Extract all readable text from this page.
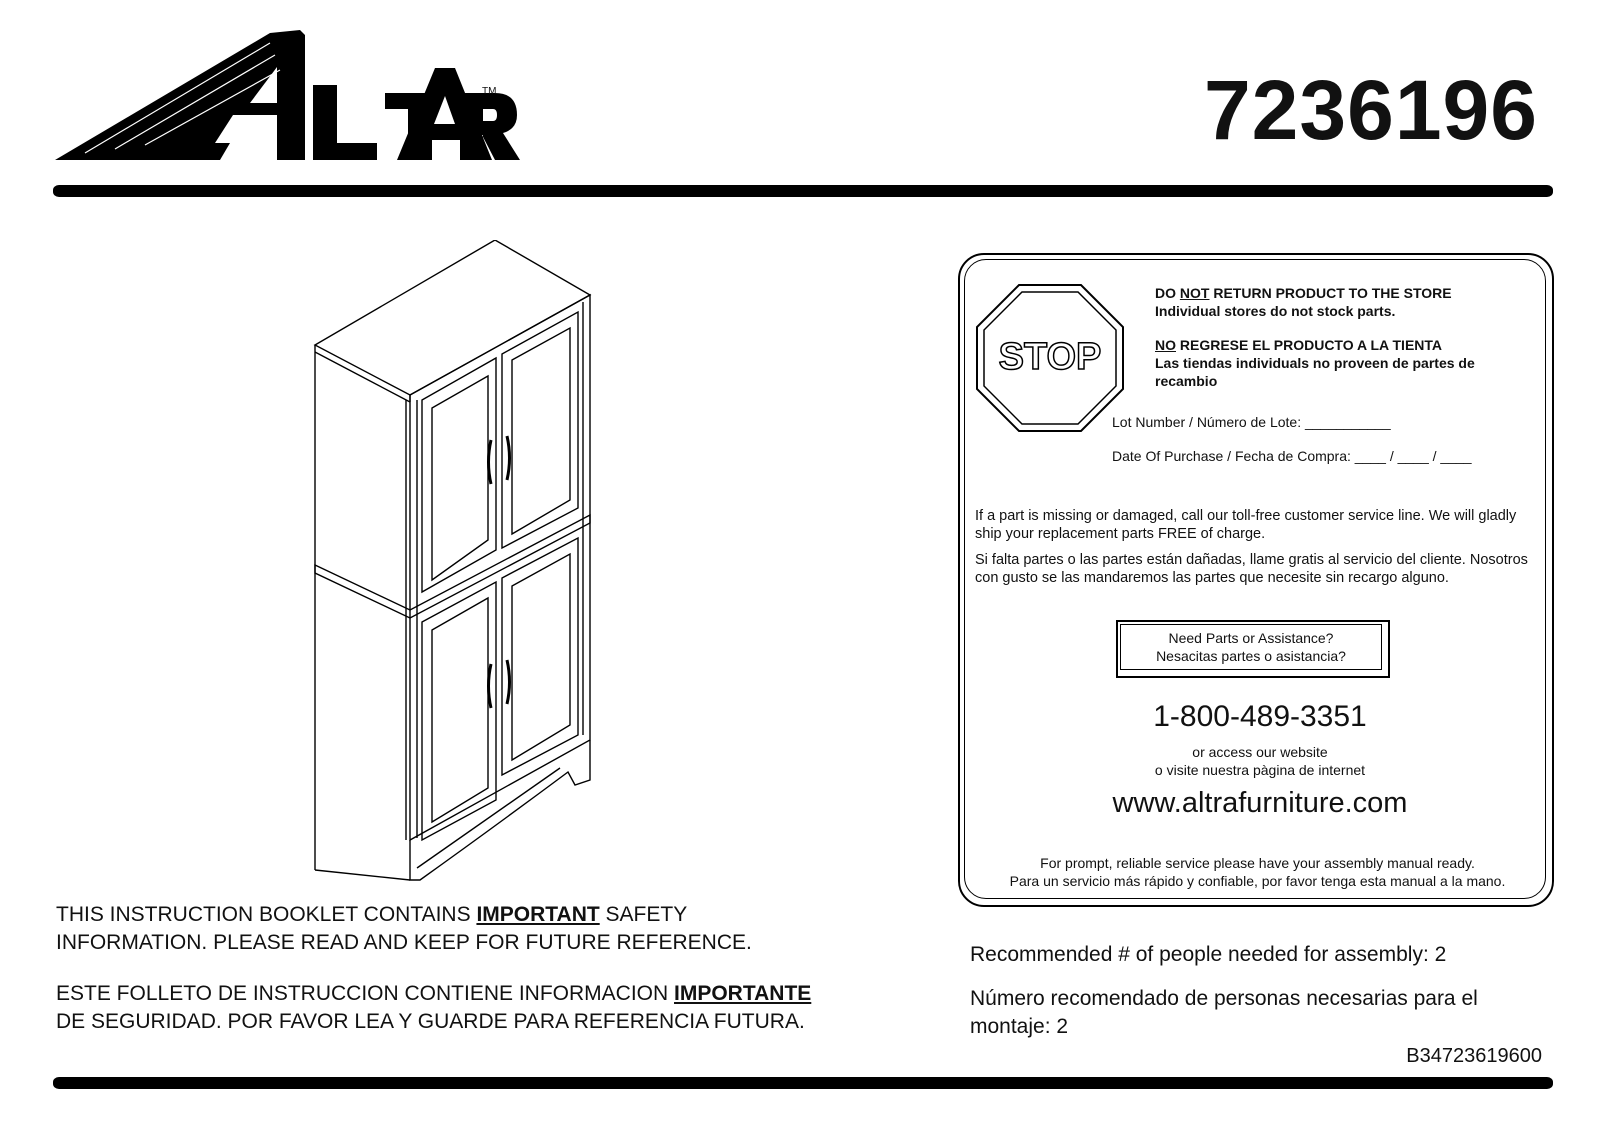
TM	7236196
THIS INSTRUCTION BOOKLET CONTAINS IMPORTANT SAFETY
INFORMATION. PLEASE READ AND KEEP FOR FUTURE REFERENCE.
ESTE FOLLETO DE INSTRUCCION CONTIENE INFORMACION IMPORTANTE
DE SEGURIDAD. POR FAVOR LEA Y GUARDE PARA REFERENCIA FUTURA.
STOP
DO NOT RETURN PRODUCT TO THE STORE
Individual stores do not stock parts.
NO REGRESE EL PRODUCTO A LA TIENTA
Las tiendas individuals no proveen de partes de recambio
Lot Number / Número de Lote: ___________
Date Of Purchase / Fecha de Compra: ____ / ____ / ____
If a part is missing or damaged, call our toll-free customer service line. We will gladly ship your replacement parts FREE of charge.
Si falta partes o las partes están dañadas, llame gratis al servicio del cliente. Nosotros con gusto se las mandaremos las partes que necesite sin recargo alguno.
Need Parts or Assistance?
Nesacitas partes o asistancia?
1-800-489-3351
or access our website
o visite nuestra pàgina de internet
www.altrafurniture.com
For prompt, reliable service please have your assembly manual ready.
Para un servicio más rápido y confiable, por favor tenga esta manual a la mano.
Recommended # of people needed for assembly: 2
Número recomendado de personas necesarias para el montaje: 2
B34723619600
